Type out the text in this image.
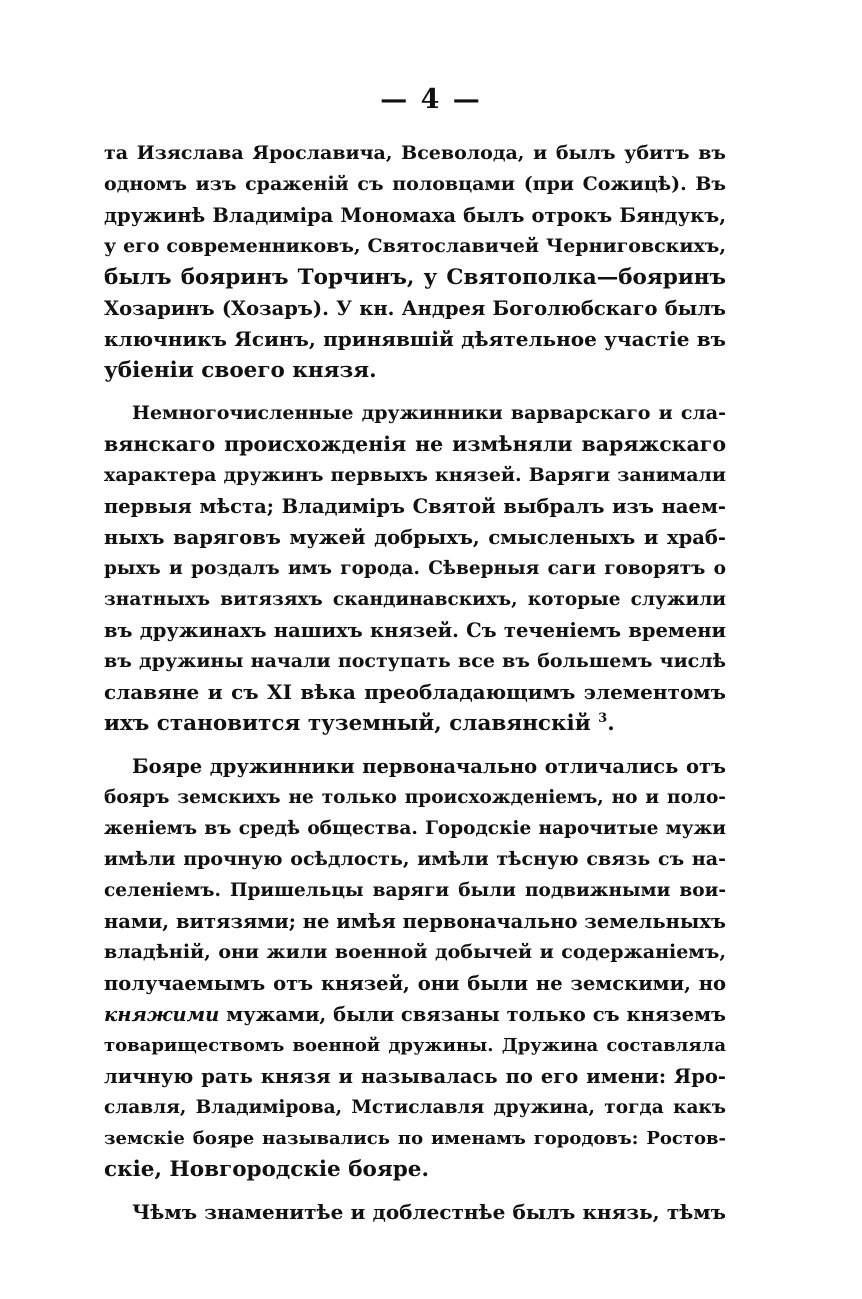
— 4 —
та Изяслава Ярославича, Всеволода, и былъ убитъ въ
одномъ изъ сраженій съ половцами (при Сожицѣ). Въ
дружинѣ Владиміра Мономаха былъ отрокъ Бяндукъ,
у его современниковъ, Святославичей Черниговскихъ,
былъ бояринъ Торчинъ, у Святополка—бояринъ
Хозаринъ (Хозаръ). У кн. Андрея Боголюбскаго былъ
ключникъ Ясинъ, принявшій дѣятельное участіе въ
убіеніи своего князя.
Немногочисленные дружинники варварскаго и сла-
вянскаго происхожденія не измѣняли варяжскаго
характера дружинъ первыхъ князей. Варяги занимали
первыя мѣста; Владиміръ Святой выбралъ изъ наем-
ныхъ варяговъ мужей добрыхъ, смысленыхъ и храб-
рыхъ и роздалъ имъ города. Сѣверныя саги говорятъ о
знатныхъ витязяхъ скандинавскихъ, которые служили
въ дружинахъ нашихъ князей. Съ теченіемъ времени
въ дружины начали поступать все въ большемъ числѣ
славяне и съ XI вѣка преобладающимъ элементомъ
ихъ становится туземный, славянскій $^3$.
Бояре дружинники первоначально отличались отъ
бояръ земскихъ не только происхожденіемъ, но и поло-
женіемъ въ средѣ общества. Городскіе нарочитые мужи
имѣли прочную осѣдлость, имѣли тѣсную связь съ на-
селеніемъ. Пришельцы варяги были подвижными вои-
нами, витязями; не имѣя первоначально земельныхъ
владѣній, они жили военной добычей и содержаніемъ,
получаемымъ отъ князей, они были не земскими, но
княжими мужами, были связаны только съ княземъ
товариществомъ военной дружины. Дружина составляла
личную рать князя и называлась по его имени: Яро-
славля, Владимірова, Мстиславля дружина, тогда какъ
земскіе бояре назывались по именамъ городовъ: Ростов-
скіе, Новгородскіе бояре.
Чѣмъ знаменитѣе и доблестнѣе былъ князь, тѣмъ
